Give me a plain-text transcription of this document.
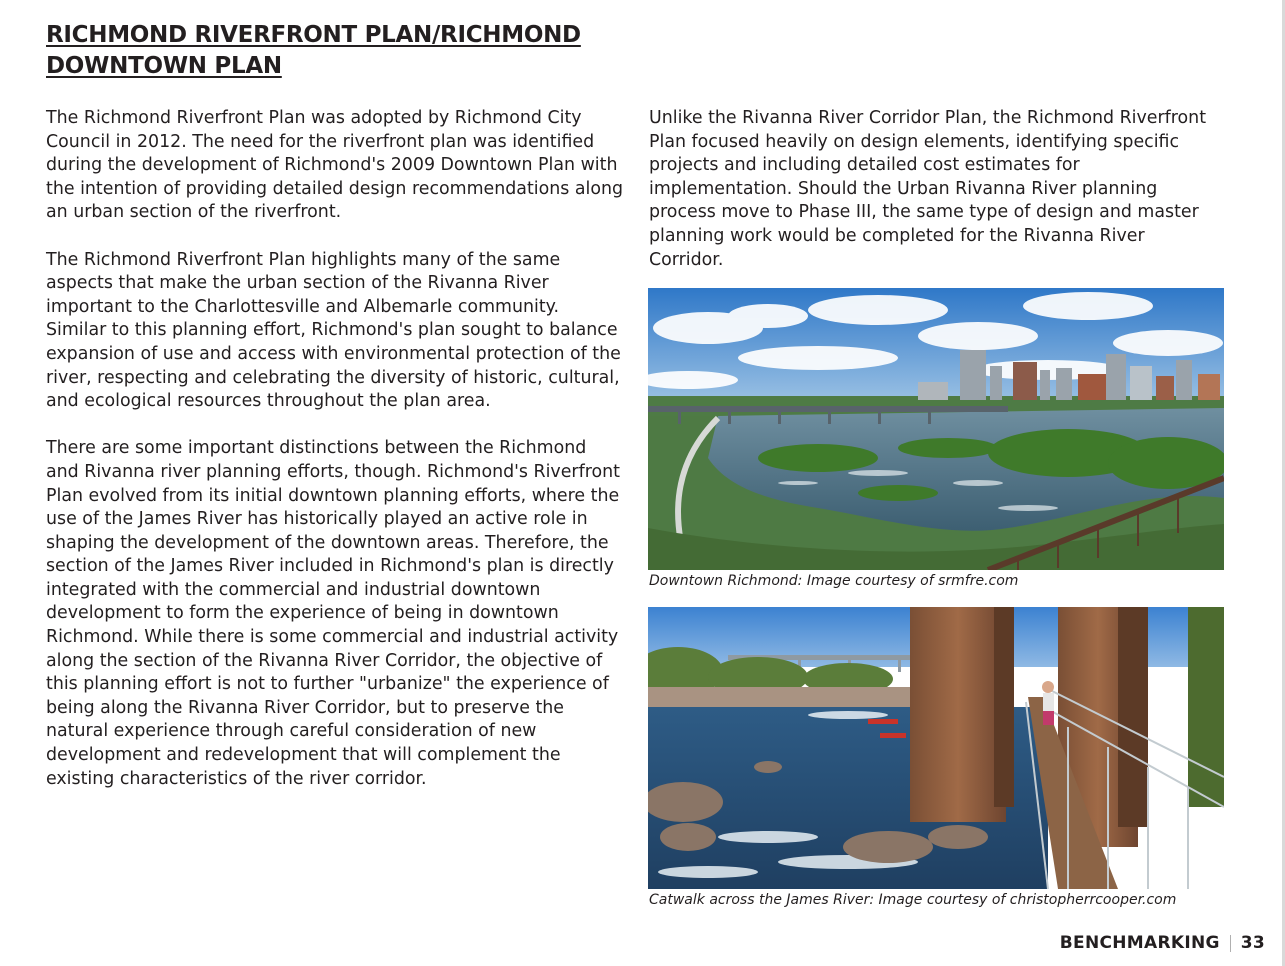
RICHMOND RIVERFRONT PLAN/RICHMOND DOWNTOWN PLAN

The Richmond Riverfront Plan was adopted by Richmond City Council in 2012. The need for the riverfront plan was identified during the development of Richmond's 2009 Downtown Plan with the intention of providing detailed design recommendations along an urban section of the riverfront.

The Richmond Riverfront Plan highlights many of the same aspects that make the urban section of the Rivanna River important to the Charlottesville and Albemarle community. Similar to this planning effort, Richmond's plan sought to balance expansion of use and access with environmental protection of the river, respecting and celebrating the diversity of historic, cultural, and ecological resources throughout the plan area.

There are some important distinctions between the Richmond and Rivanna river planning efforts, though. Richmond's Riverfront Plan evolved from its initial downtown planning efforts, where the use of the James River has historically played an active role in shaping the development of the downtown areas. Therefore, the section of the James River included in Richmond's plan is directly integrated with the commercial and industrial downtown development to form the experience of being in downtown Richmond. While there is some commercial and industrial activity along the section of the Rivanna River Corridor, the objective of this planning effort is not to further "urbanize" the experience of being along the Rivanna River Corridor, but to preserve the natural experience through careful consideration of new development and redevelopment that will complement the existing characteristics of the river corridor.

Unlike the Rivanna River Corridor Plan, the Richmond Riverfront Plan focused heavily on design elements, identifying specific projects and including detailed cost estimates for implementation. Should the Urban Rivanna River planning process move to Phase III, the same type of design and master planning work would be completed for the Rivanna River Corridor.

Downtown Richmond: Image courtesy of srmfre.com
Catwalk across the James River: Image courtesy of christopherrcooper.com
BENCHMARKING 33
